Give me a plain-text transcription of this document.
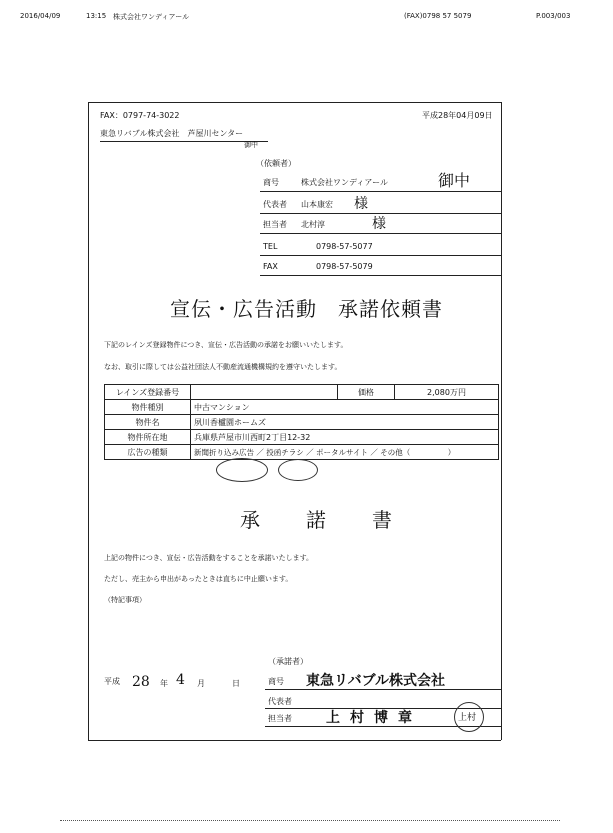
2016/04/09	13:15 株式会社ワンディアール	(FAX)0798 57 5079	P.003/003
FAX：0797-74-3022	平成28年04月09日
東急リバブル株式会社　芦屋川センター
御中
（依頼者）
商号	株式会社ワンディアール	御中
代表者 山本康宏 様
担当者 北村淳	様
TEL	0798-57-5077
FAX	0798-57-5079
宣伝・広告活動　承諾依頼書
下記のレインズ登録物件につき、宣伝・広告活動の承諾をお願いいたします。
なお、取引に際しては公益社団法人不動産流通機構規約を遵守いたします。
レインズ登録番号		価格	2,080万円
物件種別	中古マンション		
物件名	夙川香櫨園ホームズ		
物件所在地	兵庫県芦屋市川西町2丁目12-32		
広告の種類	新聞折り込み広告 ／ 投函チラシ ／ ポータルサイト ／ その他（　　　　　）		
承 諾 書
上記の物件につき、宣伝・広告活動をすることを承諾いたします。
ただし、売主から申出があったときは直ちに中止願います。
（特記事項）
平成 28 年 4 月	日
（承諾者）
商号 東急リバブル株式会社
代表者
担当者 上村博章	上村
